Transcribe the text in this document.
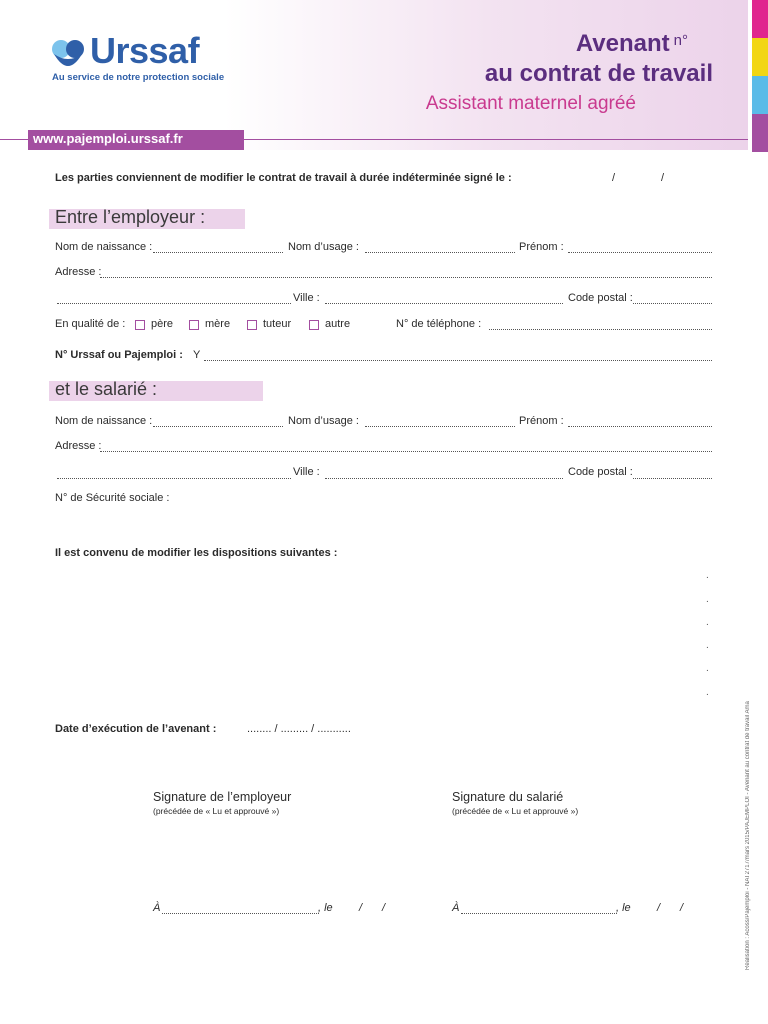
Urssaf
Au service de notre protection sociale
Avenant $^{n^\circ}$
au contrat de travail
Assistant maternel agréé
www.pajemploi.urssaf.fr
Les parties conviennent de modifier le contrat de travail à durée indéterminée signé le :	/	/
Entre l’employeur :
Nom de naissance :	Nom d’usage :	Prénom :
Adresse :
Ville :	Code postal :
En qualité de : père	mère	tuteur	autre	N° de téléphone :
N° Urssaf ou Pajemploi : Y
et le salarié :
Nom de naissance :	Nom d’usage :	Prénom :
Adresse :
Ville :	Code postal :
N° de Sécurité sociale :
Il est convenu de modifier les dispositions suivantes :
.
.
.
.
.
.
Date d’exécution de l’avenant :	........ / ......... / ...........
Signature de l’employeur
(précédée de « Lu et approuvé »)
Signature du salarié
(précédée de « Lu et approuvé »)
À	, le / /	À	, le / /	Réalisation : Acoss/Pajemploi - NAT2717/mars 2015/PAJEMPLOI - Avenant au contrat de travail Ama
